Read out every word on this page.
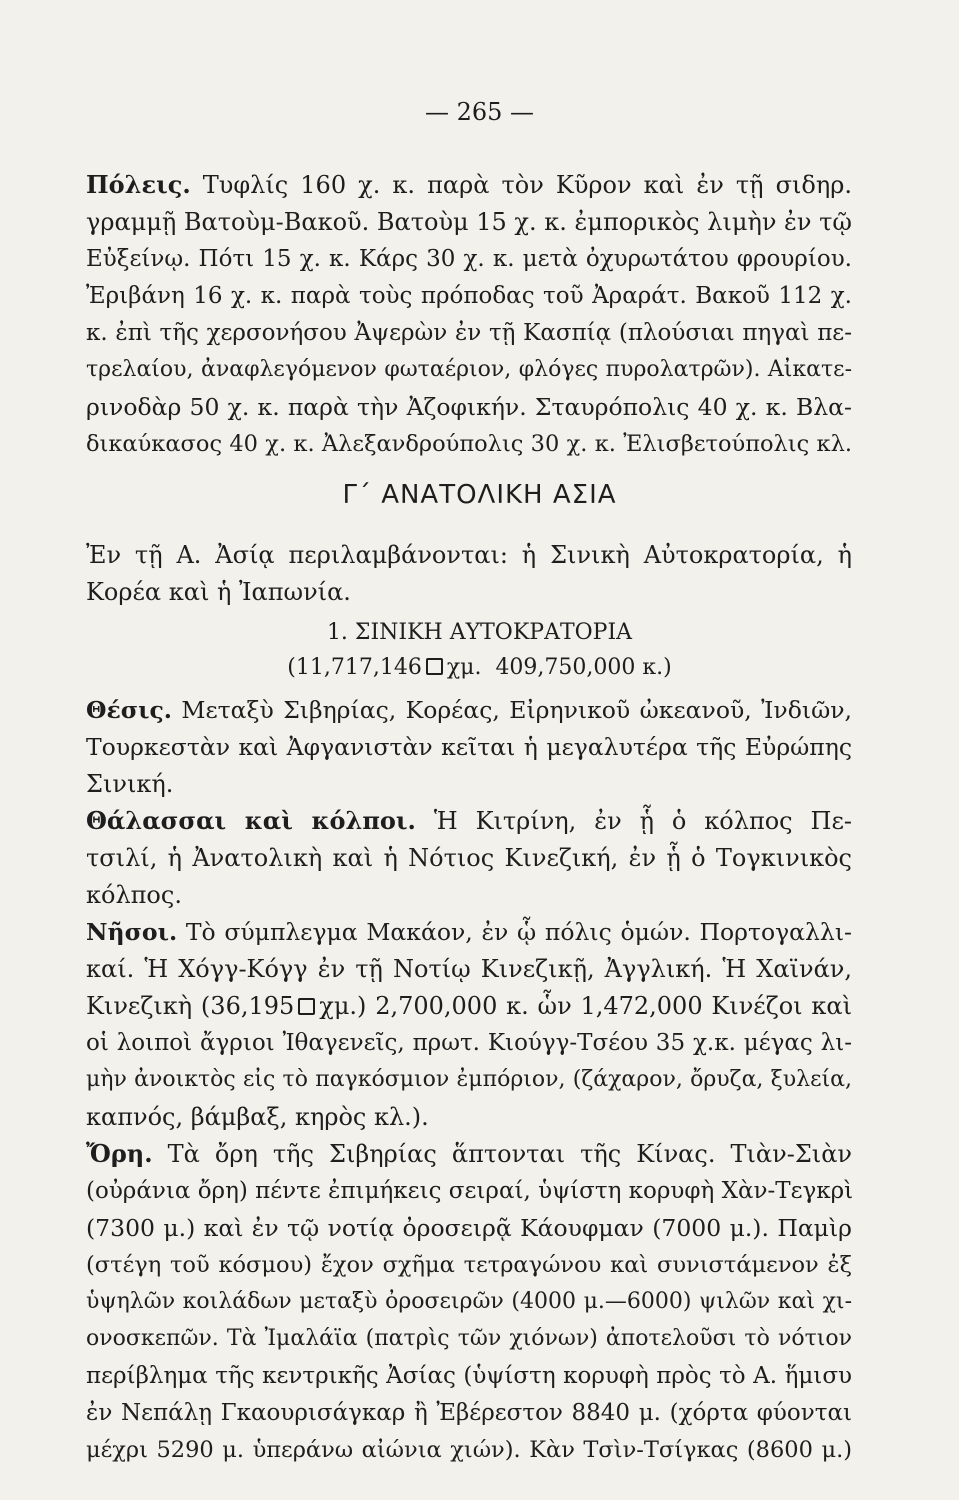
— 265 —
Πόλεις. Τυφλίς 160 χ. κ. παρὰ τὸν Κῦρον καὶ ἐν τῇ σιδηρ.
γραμμῇ Βατοὺμ-Βακοῦ. Βατοὺμ 15 χ. κ. ἐμπορικὸς λιμὴν ἐν τῷ
Εὐξείνῳ. Πότι 15 χ. κ. Κάρς 30 χ. κ. μετὰ ὀχυρωτάτου φρουρίου.
Ἐριβάνη 16 χ. κ. παρὰ τοὺς πρόποδας τοῦ Ἀραράτ. Βακοῦ 112 χ.
κ. ἐπὶ τῆς χερσονήσου Ἀψερὼν ἐν τῇ Κασπίᾳ (πλούσιαι πηγαὶ πε-
τρελαίου, ἀναφλεγόμενον φωταέριον, φλόγες πυρολατρῶν). Αἰκατε-
ρινοδὰρ 50 χ. κ. παρὰ τὴν Ἀζοφικήν. Σταυρόπολις 40 χ. κ. Βλα-
δικαύκασος 40 χ. κ. Ἀλεξανδρούπολις 30 χ. κ. Ἐλισβετούπολις κλ.
Γ΄ ΑΝΑΤΟΛΙΚΗ ΑΣΙΑ
Ἐν τῇ Α. Ἀσίᾳ περιλαμβάνονται: ἡ Σινικὴ Αὐτοκρατορία, ἡ
Κορέα καὶ ἡ Ἰαπωνία.
1. ΣΙΝΙΚΗ ΑΥΤΟΚΡΑΤΟΡΙΑ
(11,717,146 χμ. 409,750,000 κ.)
Θέσις. Μεταξὺ Σιβηρίας, Κορέας, Εἰρηνικοῦ ὠκεανοῦ, Ἰνδιῶν,
Τουρκεστὰν καὶ Ἀφγανιστὰν κεῖται ἡ μεγαλυτέρα τῆς Εὐρώπης
Σινική.
Θάλασσαι καὶ κόλποι. Ἡ Κιτρίνη, ἐν ᾗ ὁ κόλπος Πε-
τσιλί, ἡ Ἀνατολικὴ καὶ ἡ Νότιος Κινεζική, ἐν ᾗ ὁ Τογκινικὸς
κόλπος.
Νῆσοι. Τὸ σύμπλεγμα Μακάον, ἐν ᾧ πόλις ὁμών. Πορτογαλλι-
καί. Ἡ Χόγγ-Κόγγ ἐν τῇ Νοτίῳ Κινεζικῇ, Ἀγγλική. Ἡ Χαϊνάν,
Κινεζικὴ (36,195 χμ.) 2,700,000 κ. ὧν 1,472,000 Κινέζοι καὶ
οἱ λοιποὶ ἄγριοι Ἰθαγενεῖς, πρωτ. Κιούγγ-Τσέου 35 χ.κ. μέγας λι-
μὴν ἀνοικτὸς εἰς τὸ παγκόσμιον ἐμπόριον, (ζάχαρον, ὄρυζα, ξυλεία,
καπνός, βάμβαξ, κηρὸς κλ.).
Ὄρη. Τὰ ὄρη τῆς Σιβηρίας ἅπτονται τῆς Κίνας. Τιὰν-Σιὰν
(οὐράνια ὄρη) πέντε ἐπιμήκεις σειραί, ὑψίστη κορυφὴ Χὰν-Τεγκρὶ
(7300 μ.) καὶ ἐν τῷ νοτίᾳ ὀροσειρᾷ Κάουφμαν (7000 μ.). Παμὶρ
(στέγη τοῦ κόσμου) ἔχον σχῆμα τετραγώνου καὶ συνιστάμενον ἐξ
ὑψηλῶν κοιλάδων μεταξὺ ὀροσειρῶν (4000 μ.—6000) ψιλῶν καὶ χι-
ονοσκεπῶν. Τὰ Ἰμαλάϊα (πατρὶς τῶν χιόνων) ἀποτελοῦσι τὸ νότιον
περίβλημα τῆς κεντρικῆς Ἀσίας (ὑψίστη κορυφὴ πρὸς τὸ Α. ἥμισυ
ἐν Νεπάλῃ Γκαουρισάγκαρ ἢ Ἐβέρεστον 8840 μ. (χόρτα φύονται
μέχρι 5290 μ. ὑπεράνω αἰώνια χιών). Κὰν Τσὶν-Τσίγκας (8600 μ.)
